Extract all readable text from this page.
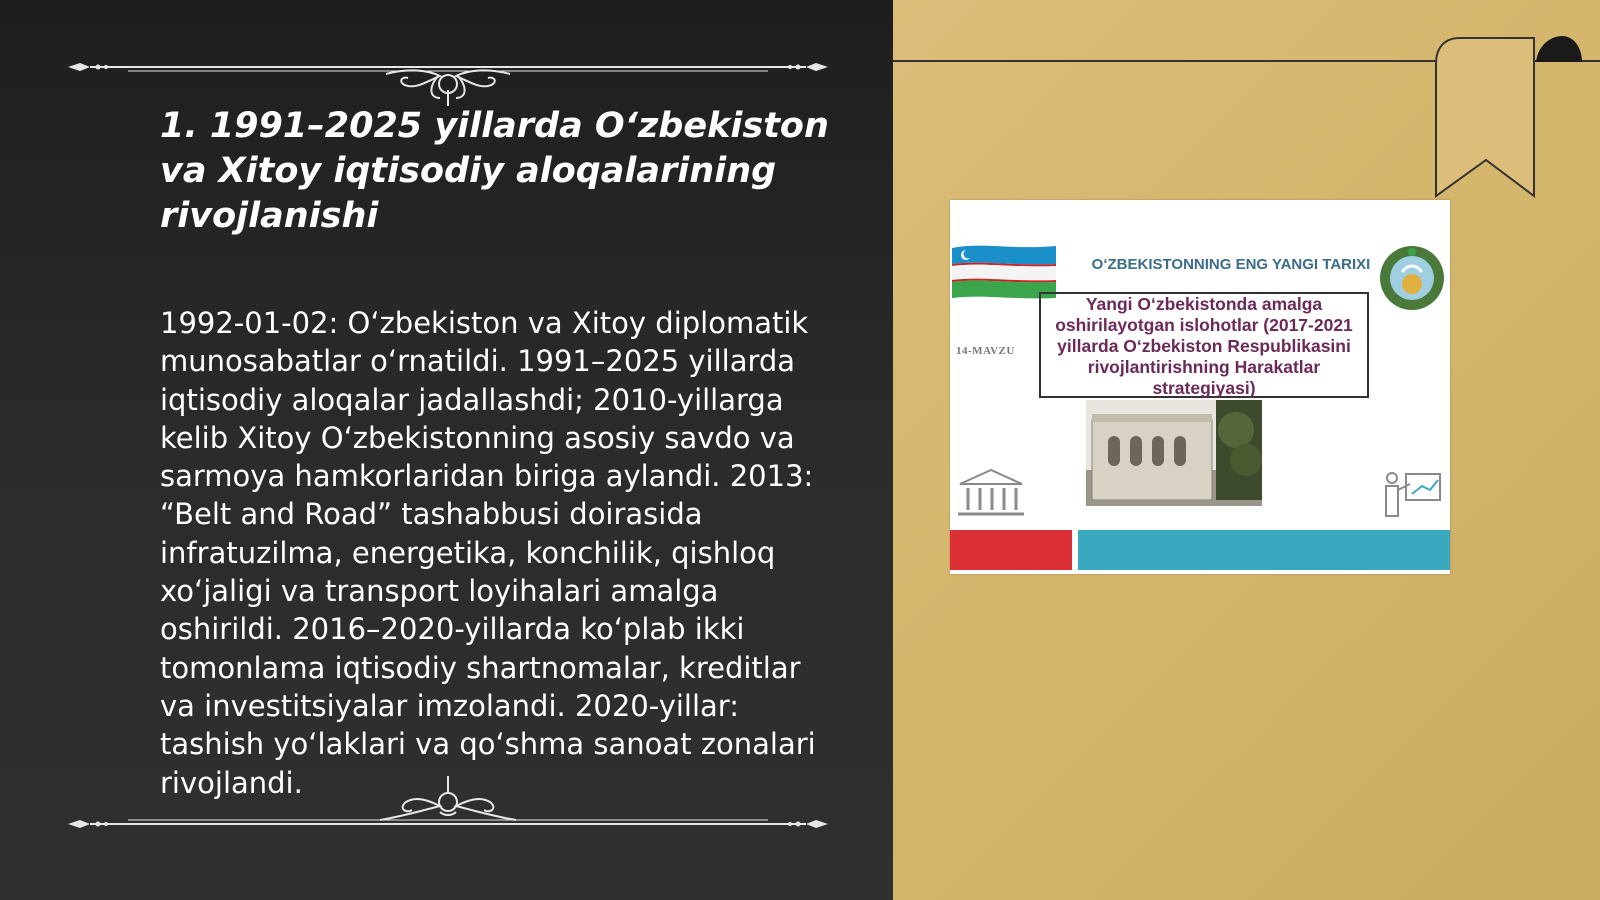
1. 1991–2025 yillarda O‘zbekiston va Xitoy iqtisodiy aloqalarining rivojlanishi

1992-01-02: O‘zbekiston va Xitoy diplomatik munosabatlar o‘rnatildi. 1991–2025 yillarda iqtisodiy aloqalar jadallashdi; 2010-yillarga kelib Xitoy O‘zbekistonning asosiy savdo va sarmoya hamkorlaridan biriga aylandi. 2013: “Belt and Road” tashabbusi doirasida infratuzilma, energetika, konchilik, qishloq xo‘jaligi va transport loyihalari amalga oshirildi. 2016–2020-yillarda ko‘plab ikki tomonlama iqtisodiy shartnomalar, kreditlar va investitsiyalar imzolandi. 2020-yillar: tashish yo‘laklari va qo‘shma sanoat zonalari rivojlandi.

O‘ZBEKISTONNING ENG YANGI TARIXI
Yangi O‘zbekistonda amalga oshirilayotgan islohotlar (2017-2021 yillarda O‘zbekiston Respublikasini rivojlantirishning Harakatlar strategiyasi)
14-MAVZU
